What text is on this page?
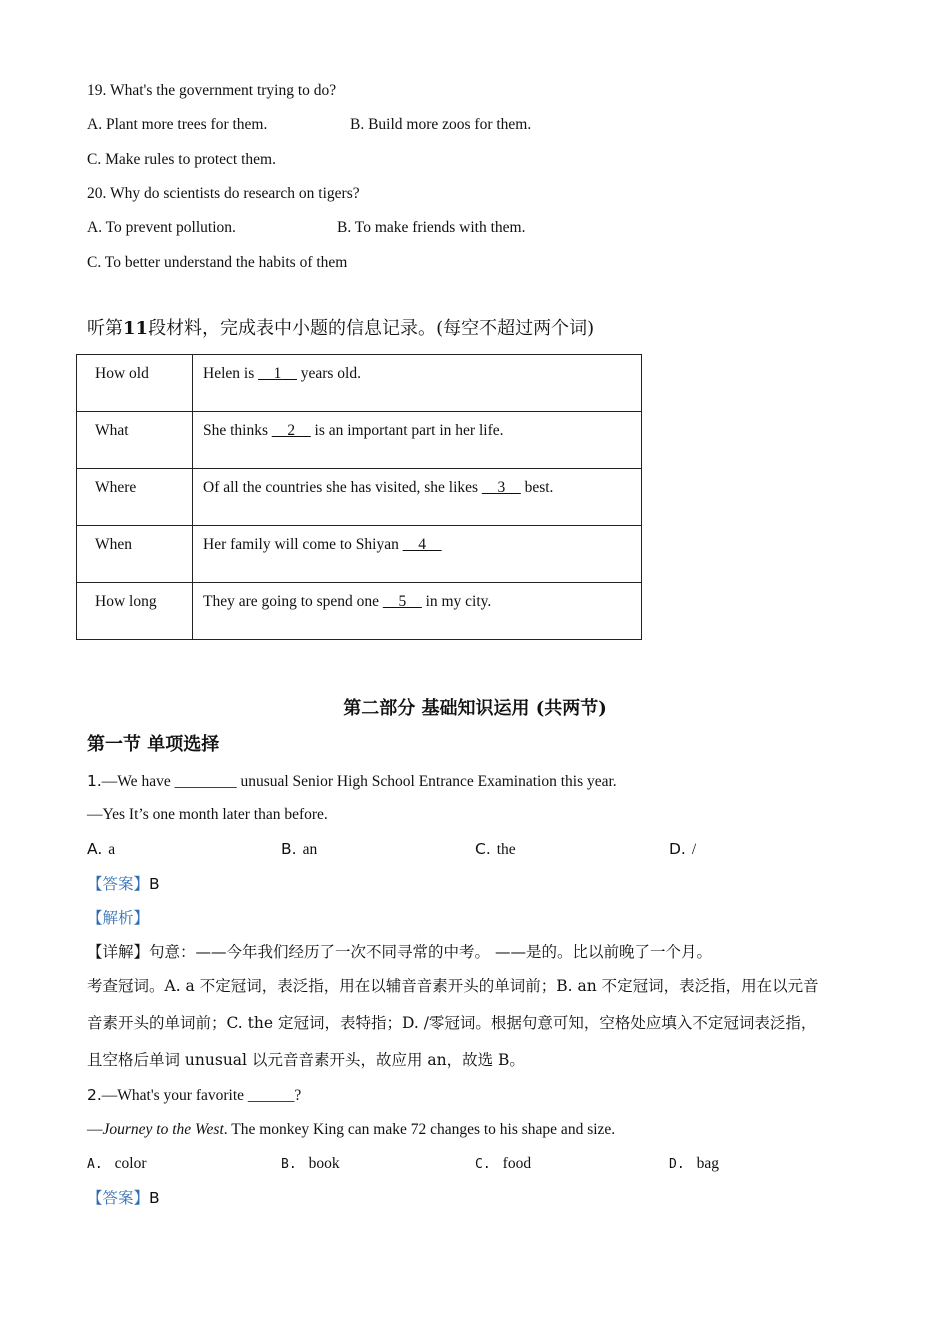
19. What's the government trying to do?
A. Plant more trees for them.	B. Build more zoos for them.
C. Make rules to protect them.
20. Why do scientists do research on tigers?
A. To prevent pollution.	B. To make friends with them.
C. To better understand the habits of them
听第11段材料，完成表中小题的信息记录。(每空不超过两个词)
How old	Helen is __1__ years old.
What	She thinks __2__ is an important part in her life.
Where	Of all the countries she has visited, she likes __3__ best.
When	Her family will come to Shiyan __4__
How long	They are going to spend one __5__ in my city.
第二部分 基础知识运用 (共两节)
第一节 单项选择
1.—We have ________ unusual Senior High School Entrance Examination this year.
—Yes It’s one month later than before.
A. a	B. an	C. the	D. /
【答案】B
【解析】
【详解】句意：——今年我们经历了一次不同寻常的中考。 ——是的。比以前晚了一个月。
考查冠词。A. a 不定冠词，表泛指，用在以辅音音素开头的单词前；B. an 不定冠词，表泛指，用在以元音
音素开头的单词前；C. the 定冠词，表特指；D. /零冠词。根据句意可知，空格处应填入不定冠词表泛指，
且空格后单词 unusual 以元音音素开头，故应用 an，故选 B。
2.—What's your favorite ______?
—Journey to the West. The monkey King can make 72 changes to his shape and size.
A. color	B. book	C. food	D. bag
【答案】B
